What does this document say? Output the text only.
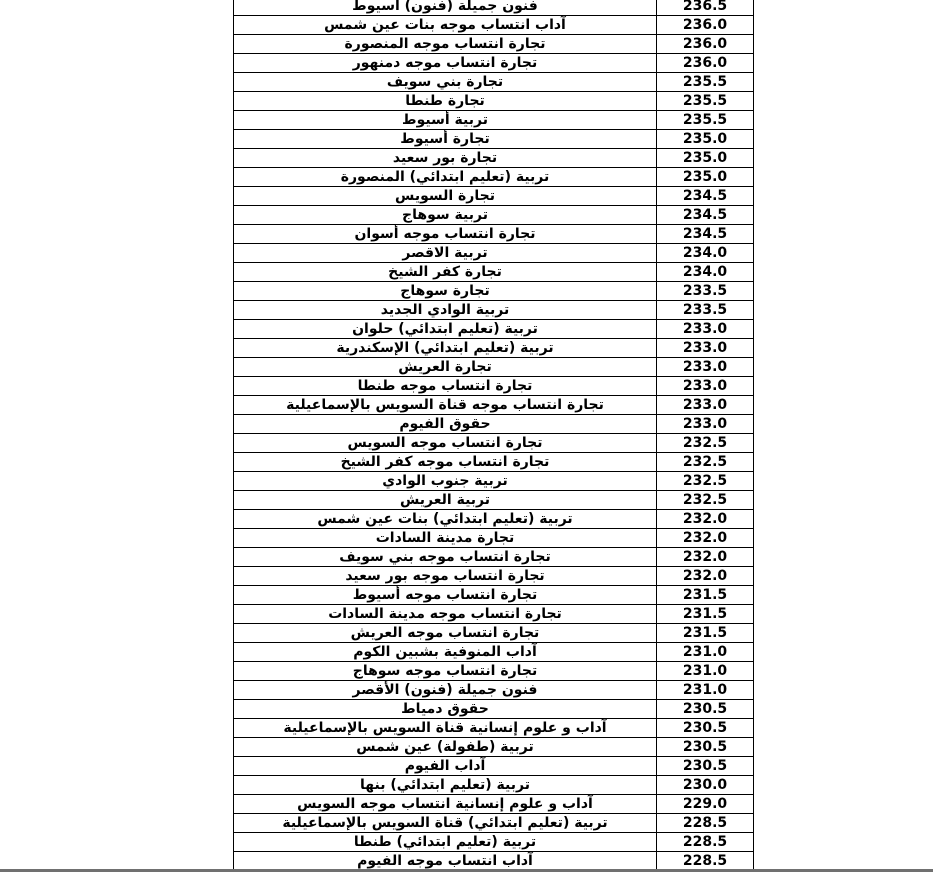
فنون جميلة (فنون) اسيوط	236.5
آداب انتساب موجه بنات عين شمس	236.0
تجارة انتساب موجه المنصورة	236.0
تجارة انتساب موجه دمنهور	236.0
تجارة بني سويف	235.5
تجارة طنطا	235.5
تربية أسيوط	235.5
تجارة أسيوط	235.0
تجارة بور سعيد	235.0
تربية (تعليم ابتدائي) المنصورة	235.0
تجارة السويس	234.5
تربية سوهاج	234.5
تجارة انتساب موجه أسوان	234.5
تربية الاقصر	234.0
تجارة كفر الشيخ	234.0
تجارة سوهاج	233.5
تربية الوادي الجديد	233.5
تربية (تعليم ابتدائي) حلوان	233.0
تربية (تعليم ابتدائي) الإسكندرية	233.0
تجارة العريش	233.0
تجارة انتساب موجه طنطا	233.0
تجارة انتساب موجه قناة السويس بالإسماعيلية	233.0
حقوق الفيوم	233.0
تجارة انتساب موجه السويس	232.5
تجارة انتساب موجه كفر الشيخ	232.5
تربية جنوب الوادي	232.5
تربية العريش	232.5
تربية (تعليم ابتدائي) بنات عين شمس	232.0
تجارة مدينة السادات	232.0
تجارة انتساب موجه بني سويف	232.0
تجارة انتساب موجه بور سعيد	232.0
تجارة انتساب موجه أسيوط	231.5
تجارة انتساب موجه مدينة السادات	231.5
تجارة انتساب موجه العريش	231.5
آداب المنوفية بشبين الكوم	231.0
تجارة انتساب موجه سوهاج	231.0
فنون جميلة (فنون) الأقصر	231.0
حقوق دمياط	230.5
آداب و علوم إنسانية قناة السويس بالإسماعيلية	230.5
تربية (طفولة) عين شمس	230.5
آداب الفيوم	230.5
تربية (تعليم ابتدائي) بنها	230.0
آداب و علوم إنسانية انتساب موجه السويس	229.0
تربية (تعليم ابتدائي) قناة السويس بالإسماعيلية	228.5
تربية (تعليم ابتدائي) طنطا	228.5
آداب انتساب موجه الفيوم	228.5
